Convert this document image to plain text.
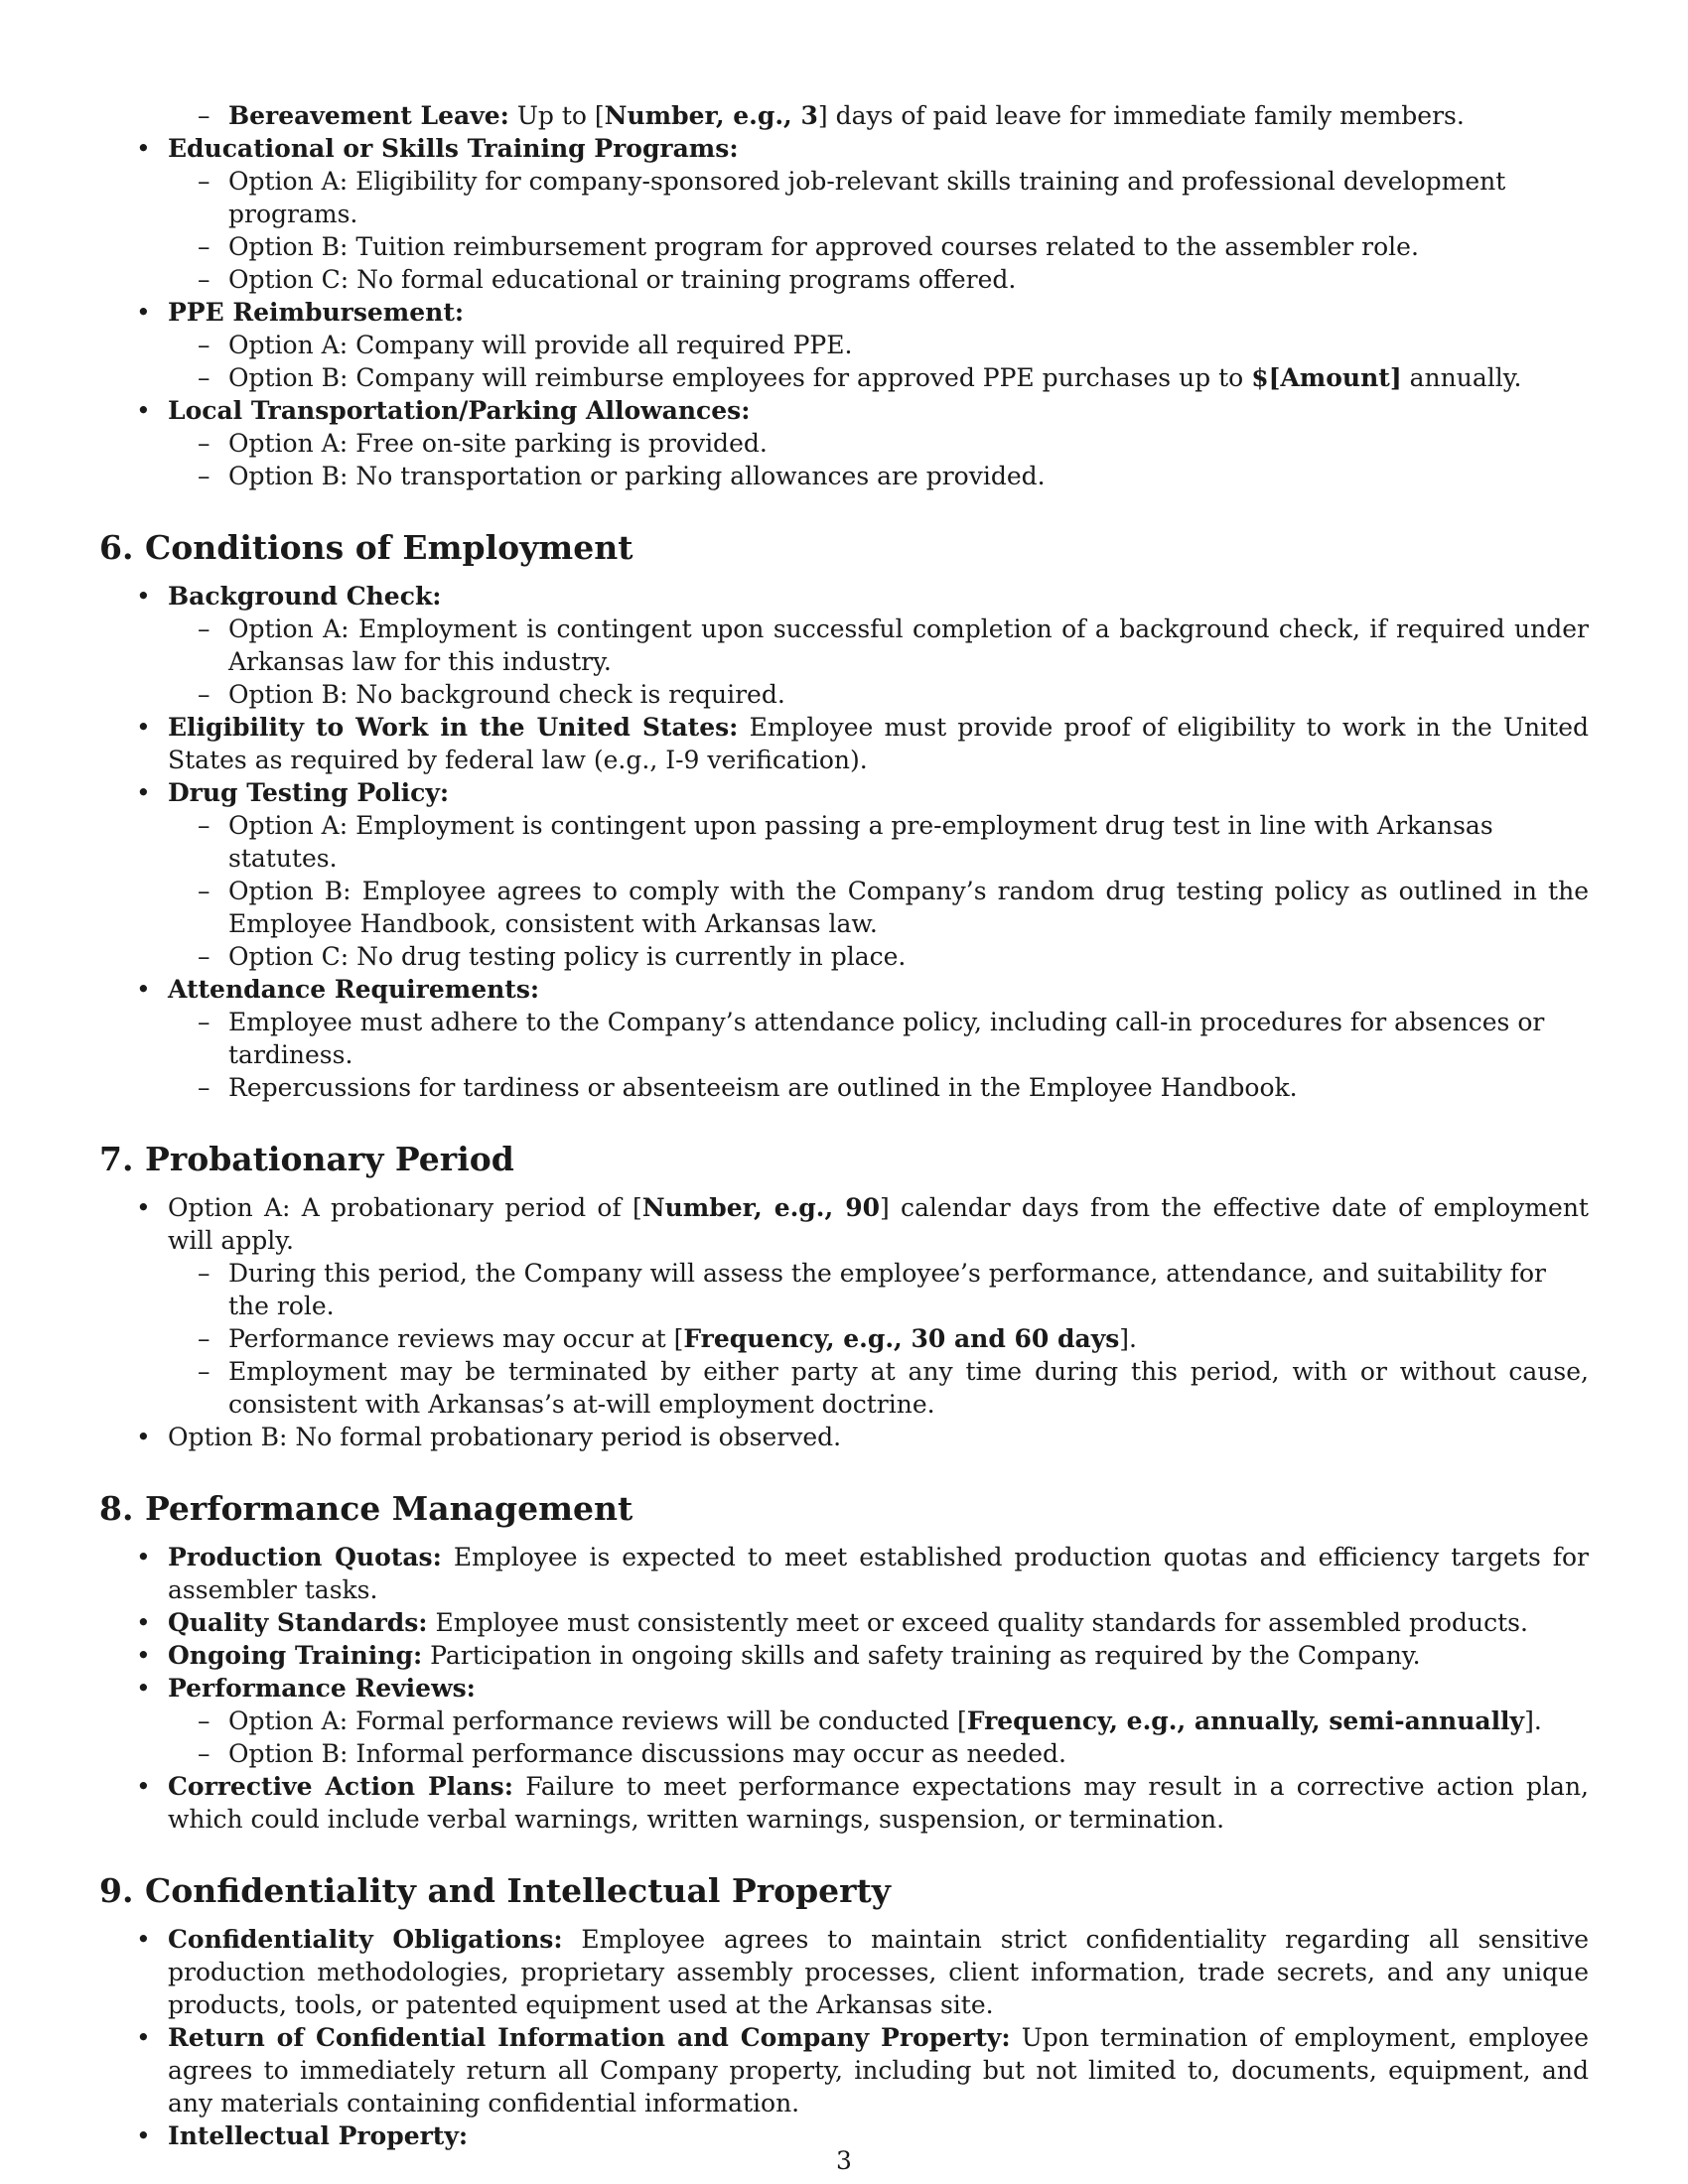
– Bereavement Leave: Up to [Number, e.g., 3] days of paid leave for immediate family members.
• Educational or Skills Training Programs:
– Option A: Eligibility for company-sponsored job-relevant skills training and professional development programs.
– Option B: Tuition reimbursement program for approved courses related to the assembler role.
– Option C: No formal educational or training programs offered.
• PPE Reimbursement:
– Option A: Company will provide all required PPE.
– Option B: Company will reimburse employees for approved PPE purchases up to $[Amount] annually.
• Local Transportation/Parking Allowances:
– Option A: Free on-site parking is provided.
– Option B: No transportation or parking allowances are provided.
6. Conditions of Employment
• Background Check:
– Option A: Employment is contingent upon successful completion of a background check, if required under Arkansas law for this industry.
– Option B: No background check is required.
• Eligibility to Work in the United States: Employee must provide proof of eligibility to work in the United States as required by federal law (e.g., I-9 verification).
• Drug Testing Policy:
– Option A: Employment is contingent upon passing a pre-employment drug test in line with Arkansas statutes.
– Option B: Employee agrees to comply with the Company’s random drug testing policy as outlined in the Employee Handbook, consistent with Arkansas law.
– Option C: No drug testing policy is currently in place.
• Attendance Requirements:
– Employee must adhere to the Company’s attendance policy, including call-in procedures for absences or tardiness.
– Repercussions for tardiness or absenteeism are outlined in the Employee Handbook.
7. Probationary Period
• Option A: A probationary period of [Number, e.g., 90] calendar days from the effective date of employment will apply.
– During this period, the Company will assess the employee’s performance, attendance, and suitability for the role.
– Performance reviews may occur at [Frequency, e.g., 30 and 60 days].
– Employment may be terminated by either party at any time during this period, with or without cause, consistent with Arkansas’s at-will employment doctrine.
• Option B: No formal probationary period is observed.
8. Performance Management
• Production Quotas: Employee is expected to meet established production quotas and efficiency targets for assembler tasks.
• Quality Standards: Employee must consistently meet or exceed quality standards for assembled products.
• Ongoing Training: Participation in ongoing skills and safety training as required by the Company.
• Performance Reviews:
– Option A: Formal performance reviews will be conducted [Frequency, e.g., annually, semi-annually].
– Option B: Informal performance discussions may occur as needed.
• Corrective Action Plans: Failure to meet performance expectations may result in a corrective action plan, which could include verbal warnings, written warnings, suspension, or termination.
9. Confidentiality and Intellectual Property
• Confidentiality Obligations: Employee agrees to maintain strict confidentiality regarding all sensitive production methodologies, proprietary assembly processes, client information, trade secrets, and any unique products, tools, or patented equipment used at the Arkansas site.
• Return of Confidential Information and Company Property: Upon termination of employment, employee agrees to immediately return all Company property, including but not limited to, documents, equipment, and any materials containing confidential information.
• Intellectual Property:
3
